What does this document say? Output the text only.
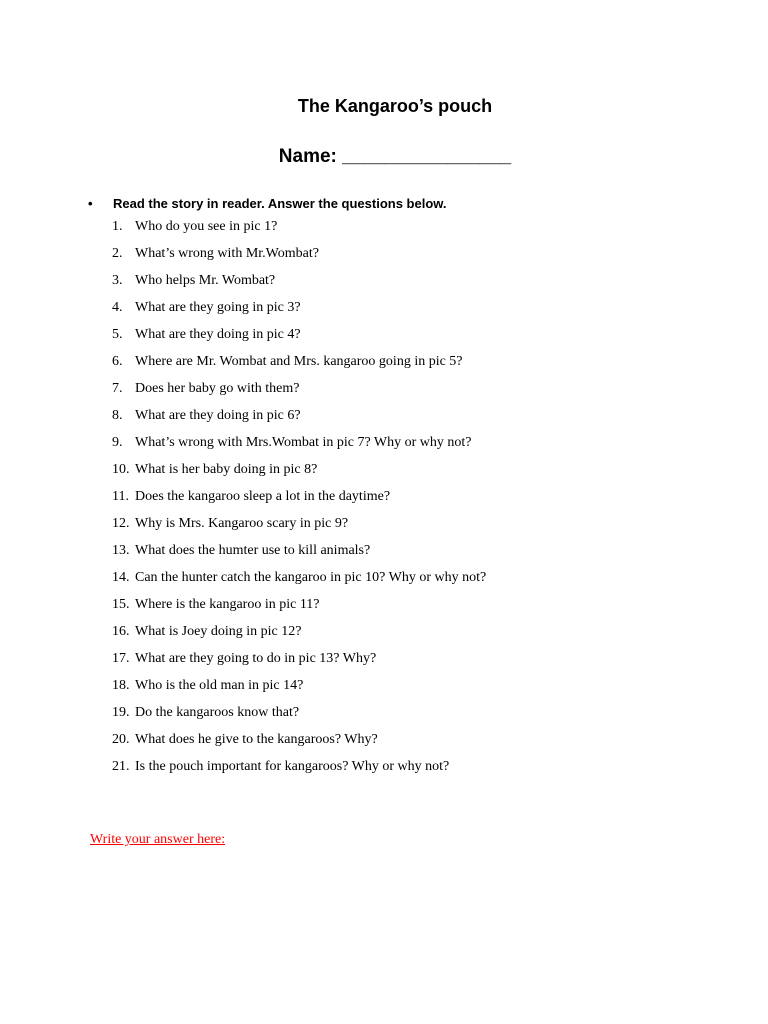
The Kangaroo’s pouch
Name: ________________
• Read the story in reader. Answer the questions below.
1. Who do you see in pic 1?
2. What’s wrong with Mr.Wombat?
3. Who helps Mr. Wombat?
4. What are they going in pic 3?
5. What are they doing in pic 4?
6. Where are Mr. Wombat and Mrs. kangaroo going in pic 5?
7. Does her baby go with them?
8. What are they doing in pic 6?
9. What’s wrong with Mrs.Wombat in pic 7? Why or why not?
10. What is her baby doing in pic 8?
11. Does the kangaroo sleep a lot in the daytime?
12. Why is Mrs. Kangaroo scary in pic 9?
13. What does the humter use to kill animals?
14. Can the hunter catch the kangaroo in pic 10? Why or why not?
15. Where is the kangaroo in pic 11?
16. What is Joey doing in pic 12?
17. What are they going to do in pic 13? Why?
18. Who is the old man in pic 14?
19. Do the kangaroos know that?
20. What does he give to the kangaroos? Why?
21. Is the pouch important for kangaroos? Why or why not?
Write your answer here:
